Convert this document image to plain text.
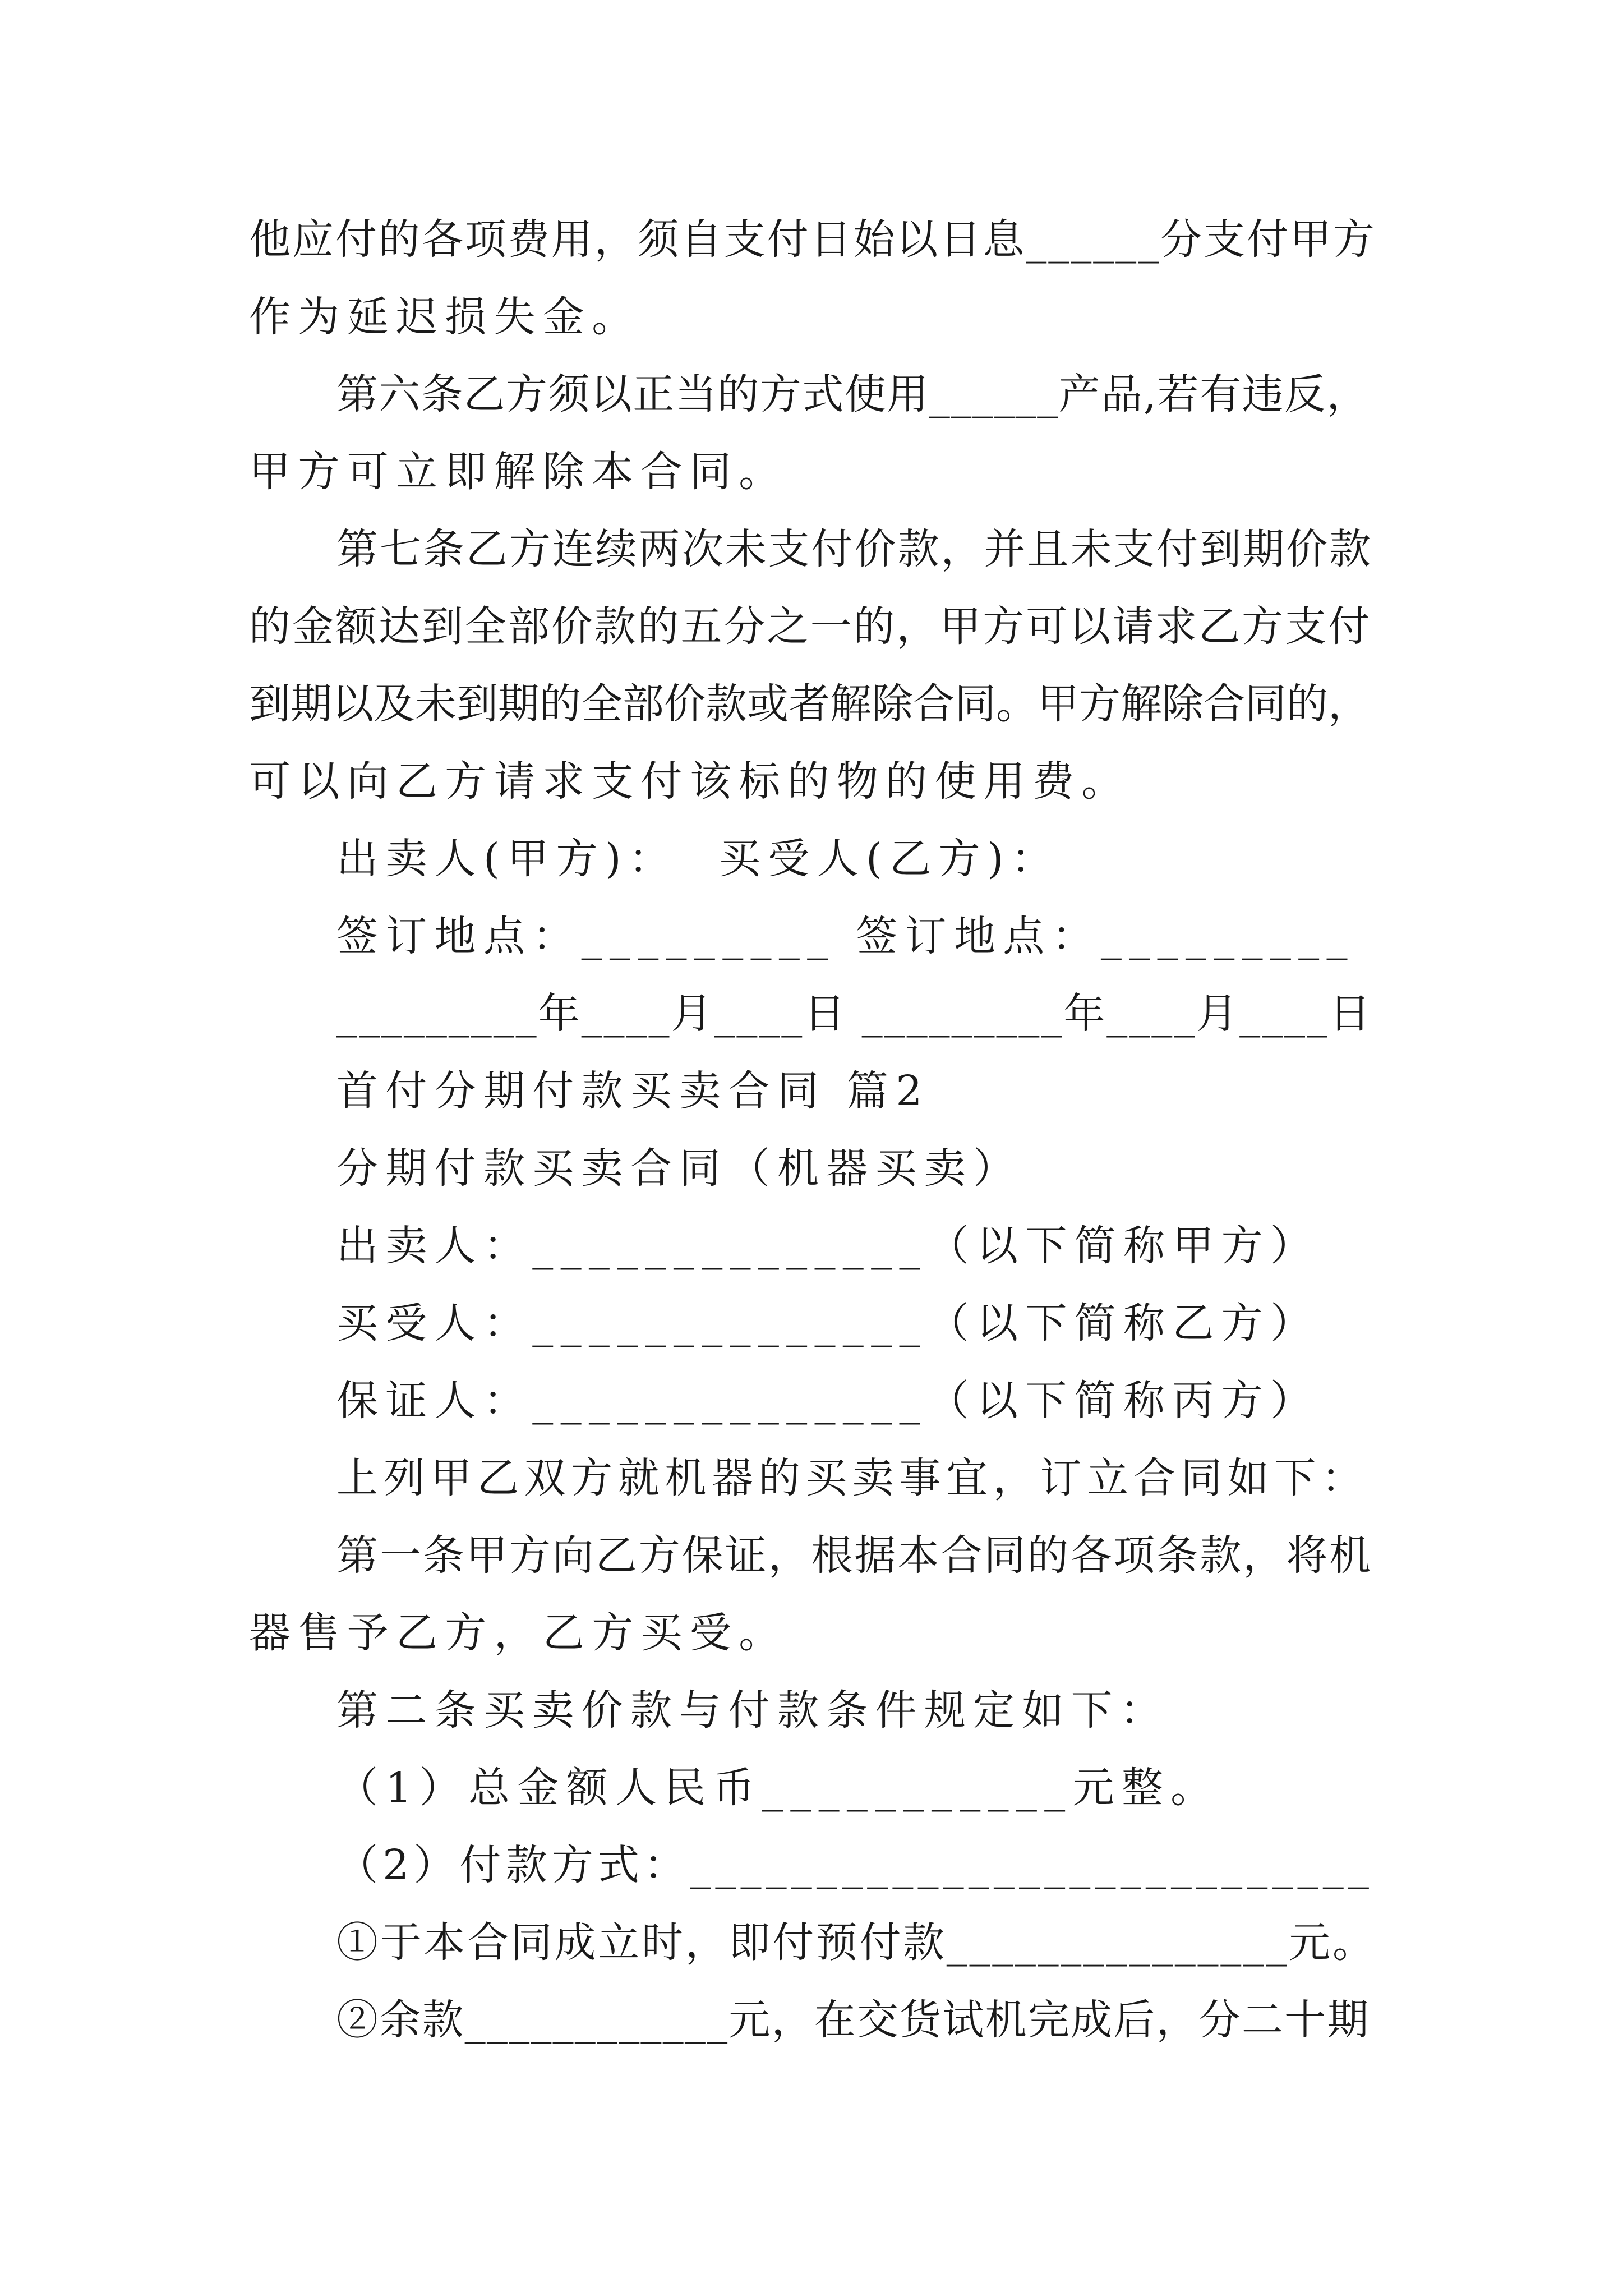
他应付的各项费用，须自支付日始以日息______分支付甲方
作为延迟损失金。
第六条乙方须以正当的方式使用______产品,若有违反，
甲方可立即解除本合同。
第七条乙方连续两次未支付价款，并且未支付到期价款
的金额达到全部价款的五分之一的，甲方可以请求乙方支付
到期以及未到期的全部价款或者解除合同。甲方解除合同的，
可以向乙方请求支付该标的物的使用费。
出卖人(甲方)：  买受人(乙方)：
签订地点：_________ 签订地点：_________
_________年____月____日 _________年____月____日
首付分期付款买卖合同 篇2
分期付款买卖合同（机器买卖）
出卖人：______________（以下简称甲方）
买受人：______________（以下简称乙方）
保证人：______________（以下简称丙方）
上列甲乙双方就机器的买卖事宜，订立合同如下：
第一条甲方向乙方保证，根据本合同的各项条款，将机
器售予乙方，乙方买受。
第二条买卖价款与付款条件规定如下：
（1）总金额人民币___________元整。
（2）付款方式：___________________________
①于本合同成立时，即付预付款_______________元。
②余款____________元，在交货试机完成后，分二十期
